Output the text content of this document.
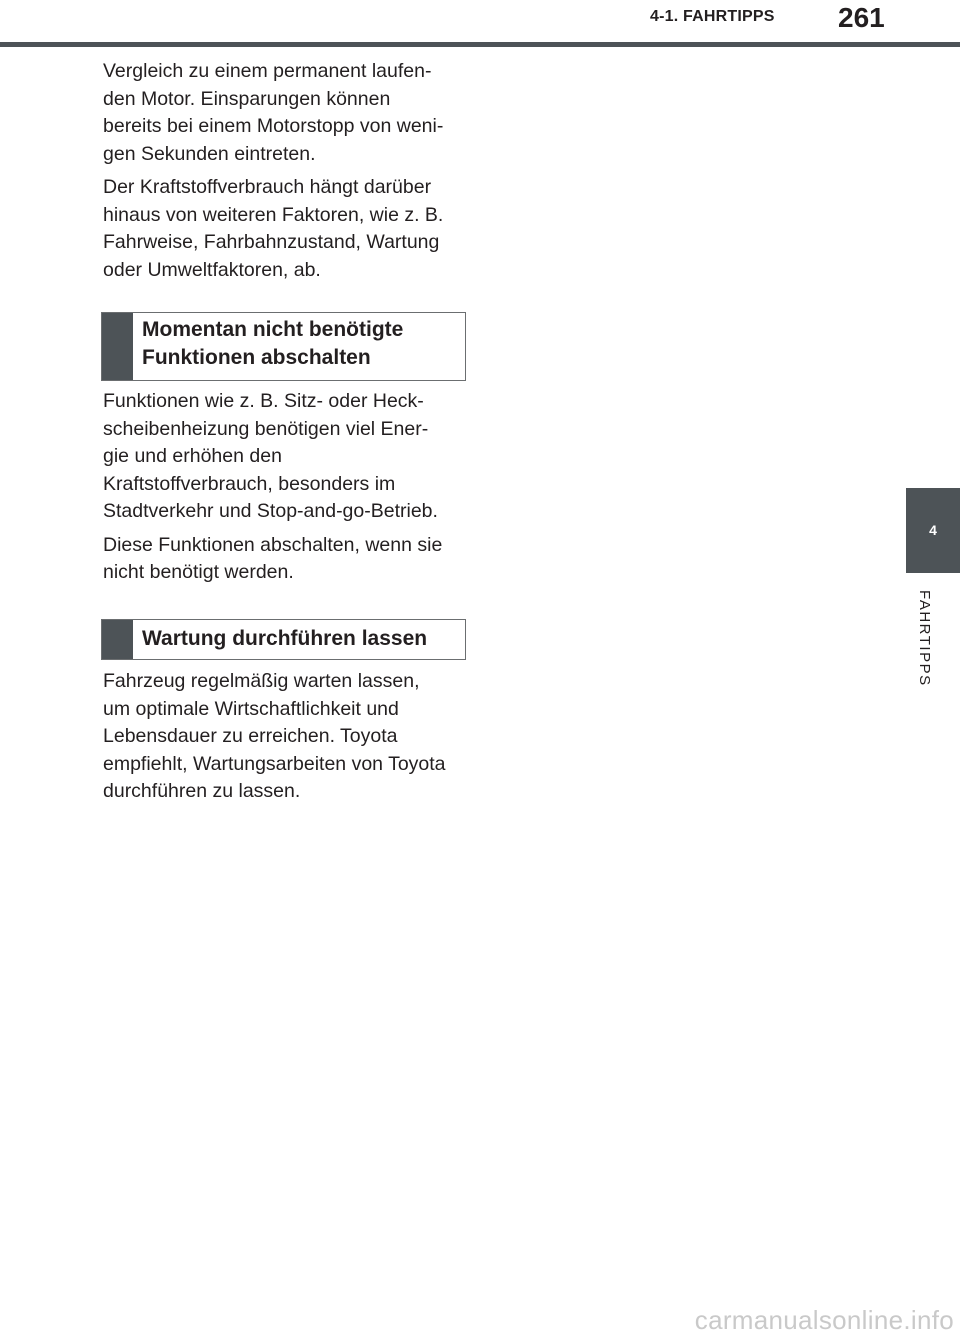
4-1. FAHRTIPPS 261

Vergleich zu einem permanent laufen-
den Motor. Einsparungen können
bereits bei einem Motorstopp von weni-
gen Sekunden eintreten.

Der Kraftstoffverbrauch hängt darüber
hinaus von weiteren Faktoren, wie z. B.
Fahrweise, Fahrbahnzustand, Wartung
oder Umweltfaktoren, ab.

Momentan nicht benötigte
Funktionen abschalten

Funktionen wie z. B. Sitz- oder Heck-
scheibenheizung benötigen viel Ener-
gie und erhöhen den
Kraftstoffverbrauch, besonders im
Stadtverkehr und Stop-and-go-Betrieb.

Diese Funktionen abschalten, wenn sie
nicht benötigt werden.

Wartung durchführen lassen

Fahrzeug regelmäßig warten lassen,
um optimale Wirtschaftlichkeit und
Lebensdauer zu erreichen. Toyota
empfiehlt, Wartungsarbeiten von Toyota
durchführen zu lassen.

4
FAHRTIPPS
carmanualsonline.info
